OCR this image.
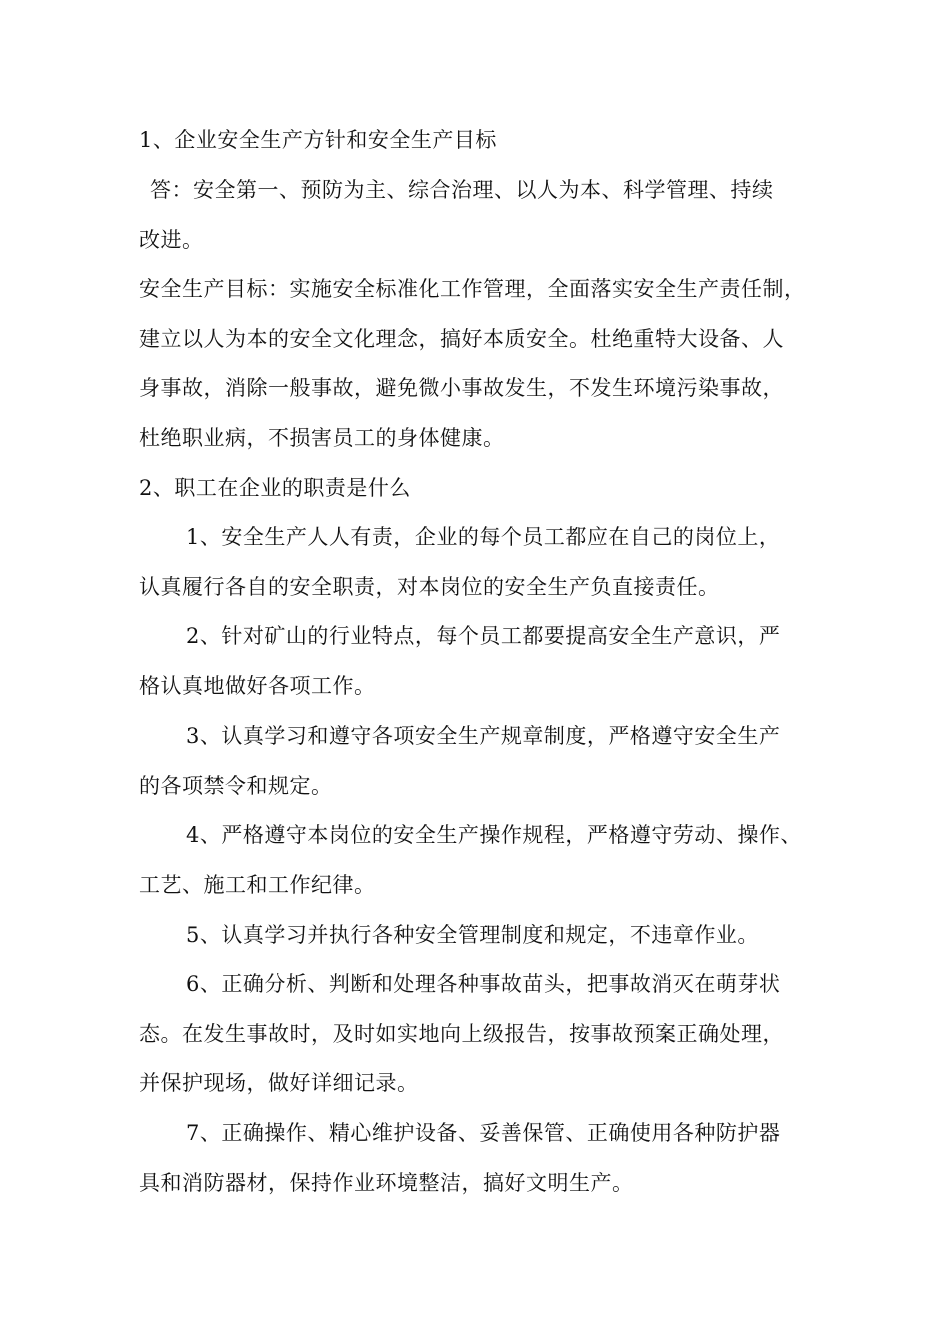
1、企业安全生产方针和安全生产目标
答：安全第一、预防为主、综合治理、以人为本、科学管理、持续
改进。
安全生产目标：实施安全标准化工作管理，全面落实安全生产责任制，
建立以人为本的安全文化理念，搞好本质安全。杜绝重特大设备、人
身事故，消除一般事故，避免微小事故发生，不发生环境污染事故，
杜绝职业病，不损害员工的身体健康。
2、职工在企业的职责是什么
1、安全生产人人有责，企业的每个员工都应在自己的岗位上，
认真履行各自的安全职责，对本岗位的安全生产负直接责任。
2、针对矿山的行业特点，每个员工都要提高安全生产意识，严
格认真地做好各项工作。
3、认真学习和遵守各项安全生产规章制度，严格遵守安全生产
的各项禁令和规定。
4、严格遵守本岗位的安全生产操作规程，严格遵守劳动、操作、
工艺、施工和工作纪律。
5、认真学习并执行各种安全管理制度和规定，不违章作业。
6、正确分析、判断和处理各种事故苗头，把事故消灭在萌芽状
态。在发生事故时，及时如实地向上级报告，按事故预案正确处理，
并保护现场，做好详细记录。
7、正确操作、精心维护设备、妥善保管、正确使用各种防护器
具和消防器材，保持作业环境整洁，搞好文明生产。
